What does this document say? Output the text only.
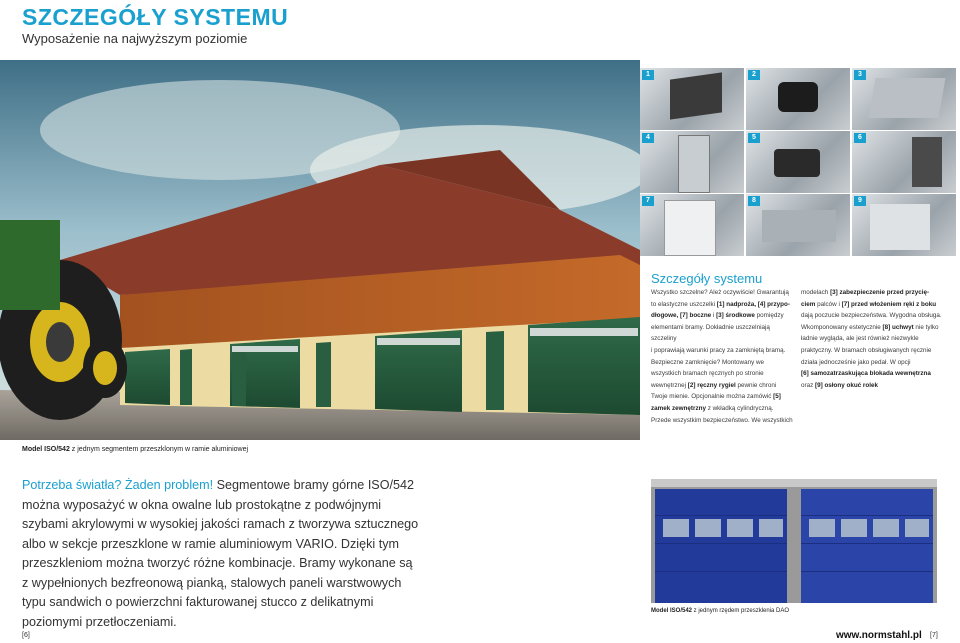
SZCZEGÓŁY SYSTEMU
Wyposażenie na najwyższym poziomie
Model ISO/542 z jednym segmentem przeszklonym w ramie aluminiowej
1	2	3
4	5	6
7	8	9
Szczegóły systemu
Wszystko szczelne? Ależ oczywiście! Gwarantują
to elastyczne uszczelki [1] nadproża, [4] przypo-
dłogowe, [7] boczne i [3] środkowe pomiędzy
elementami bramy. Dokładnie uszczelniają szczeliny
i poprawiają warunki pracy za zamkniętą bramą.
Bezpieczne zamknięcie? Montowany we
wszystkich bramach ręcznych po stronie
wewnętrznej [2] ręczny rygiel pewnie chroni
Twoje mienie. Opcjonalnie można zamówić [5]
zamek zewnętrzny z wkładką cylindryczną.
Przede wszystkim bezpieczeństwo. We wszystkich
modelach [3] zabezpieczenie przed przycię-
ciem palców i [7] przed włożeniem ręki z boku
dają poczucie bezpieczeństwa. Wygodna obsługa.
Wkomponowany estetycznie [8] uchwyt nie tylko
ładnie wygląda, ale jest również niezwykle
praktyczny. W bramach obsługiwanych ręcznie
działa jednocześnie jako pedał. W opcji
[6] samozatrzaskująca blokada wewnętrzna
oraz [9] osłony okuć rolek
Potrzeba światła? Żaden problem! Segmentowe bramy górne ISO/542 można wyposażyć w okna owalne lub prostokątne z podwójnymi szybami akrylowymi w wysokiej jakości ramach z tworzywa sztucznego albo w sekcje przeszklone w ramie aluminiowym VARIO. Dzięki tym przeszkleniom można tworzyć różne kombinacje. Bramy wykonane są z wypełnionych bezfreonową pianką, stalowych paneli warstwowych typu sandwich o powierzchni fakturowanej stucco z delikatnymi poziomymi przetłoczeniami.
Model ISO/542 z jednym rzędem przeszklenia DAO
[6]	www.normstahl.pl [7]
